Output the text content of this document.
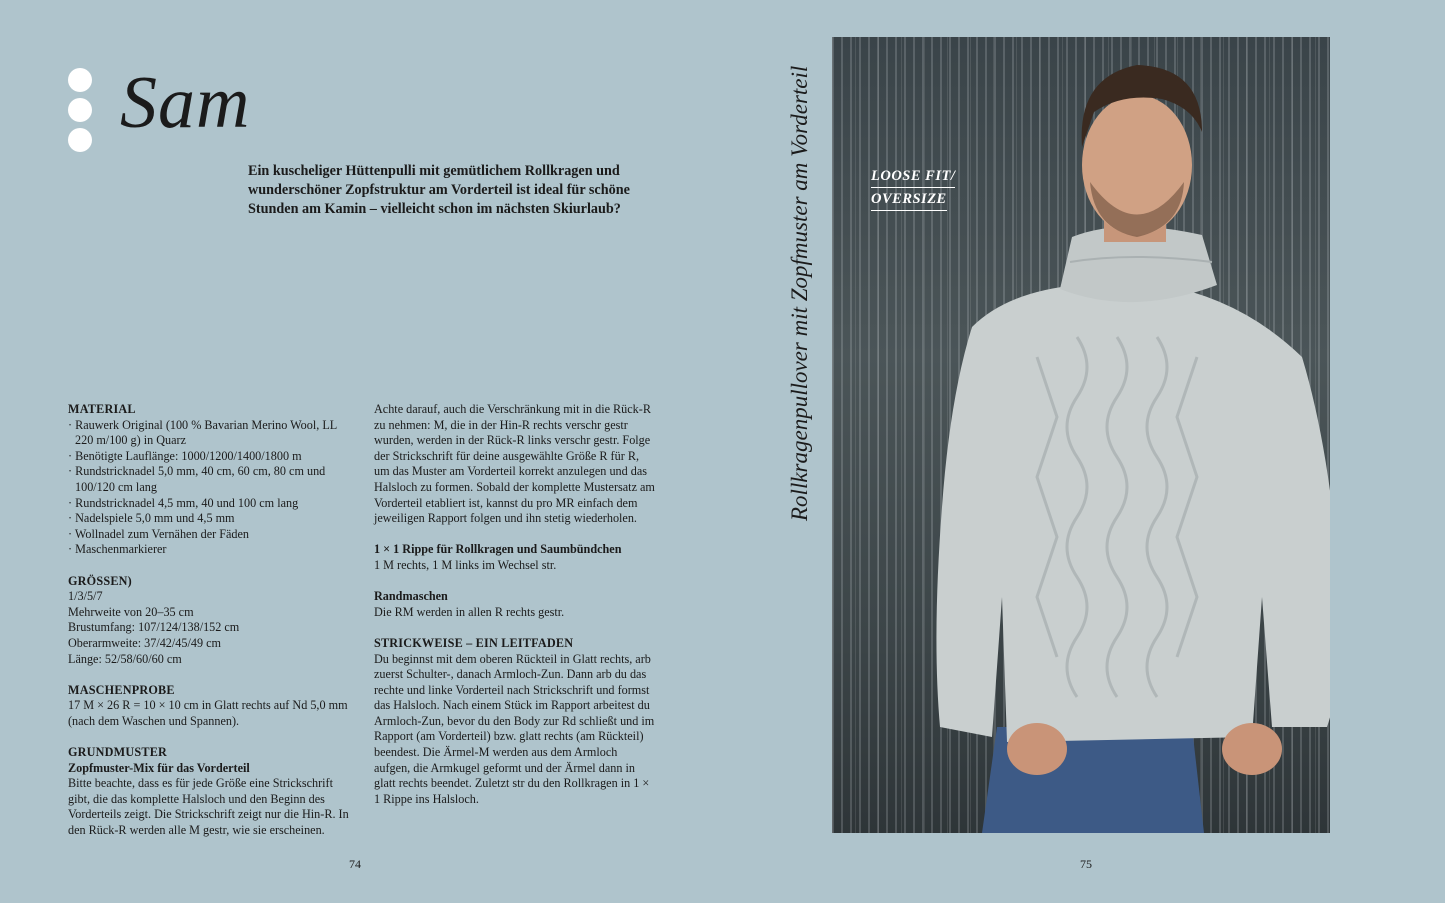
Sam
Ein kuscheliger Hüttenpulli mit gemütlichem Rollkragen und wunderschöner Zopfstruktur am Vorderteil ist ideal für schöne Stunden am Kamin – vielleicht schon im nächsten Skiurlaub?

MATERIAL

· Rauwerk Original (100 % Bavarian Merino Wool, LL 220 m/100 g) in Quarz

· Benötigte Lauflänge: 1000/1200/1400/1800 m

· Rundstricknadel 5,0 mm, 40 cm, 60 cm, 80 cm und 100/120 cm lang

· Rundstricknadel 4,5 mm, 40 und 100 cm lang

· Nadelspiele 5,0 mm und 4,5 mm

· Wollnadel zum Vernähen der Fäden

· Maschenmarkierer

GRÖSSEN)

1/3/5/7

Mehrweite von 20–35 cm

Brustumfang: 107/124/138/152 cm

Oberarmweite: 37/42/45/49 cm

Länge: 52/58/60/60 cm

MASCHENPROBE

17 M × 26 R = 10 × 10 cm in Glatt rechts auf Nd 5,0 mm (nach dem Waschen und Spannen).

GRUNDMUSTER

Zopfmuster-Mix für das Vorderteil

Bitte beachte, dass es für jede Größe eine Strickschrift gibt, die das komplette Halsloch und den Beginn des Vorderteils zeigt. Die Strickschrift zeigt nur die Hin-R. In den Rück-R werden alle M gestr, wie sie erscheinen.

Achte darauf, auch die Verschränkung mit in die Rück-R zu nehmen: M, die in der Hin-R rechts verschr gestr wurden, werden in der Rück-R links verschr gestr. Folge der Strickschrift für deine ausgewählte Größe R für R, um das Muster am Vorderteil korrekt anzulegen und das Halsloch zu formen. Sobald der komplette Mustersatz am Vorderteil etabliert ist, kannst du pro MR einfach dem jeweiligen Rapport folgen und ihn stetig wiederholen.

1 × 1 Rippe für Rollkragen und Saumbündchen

1 M rechts, 1 M links im Wechsel str.

Randmaschen

Die RM werden in allen R rechts gestr.

STRICKWEISE – EIN LEITFADEN

Du beginnst mit dem oberen Rückteil in Glatt rechts, arb zuerst Schulter-, danach Armloch-Zun. Dann arb du das rechte und linke Vorderteil nach Strickschrift und formst das Halsloch. Nach einem Stück im Rapport arbeitest du Armloch-Zun, bevor du den Body zur Rd schließt und im Rapport (am Vorderteil) bzw. glatt rechts (am Rückteil) beendest. Die Ärmel-M werden aus dem Armloch aufgen, die Armkugel geformt und der Ärmel dann in glatt rechts beendet. Zuletzt str du den Rollkragen in 1 × 1 Rippe ins Halsloch.

74
Rollkragenpullover mit Zopfmuster am Vorderteil	LOOSE FIT/
OVERSIZE
75
